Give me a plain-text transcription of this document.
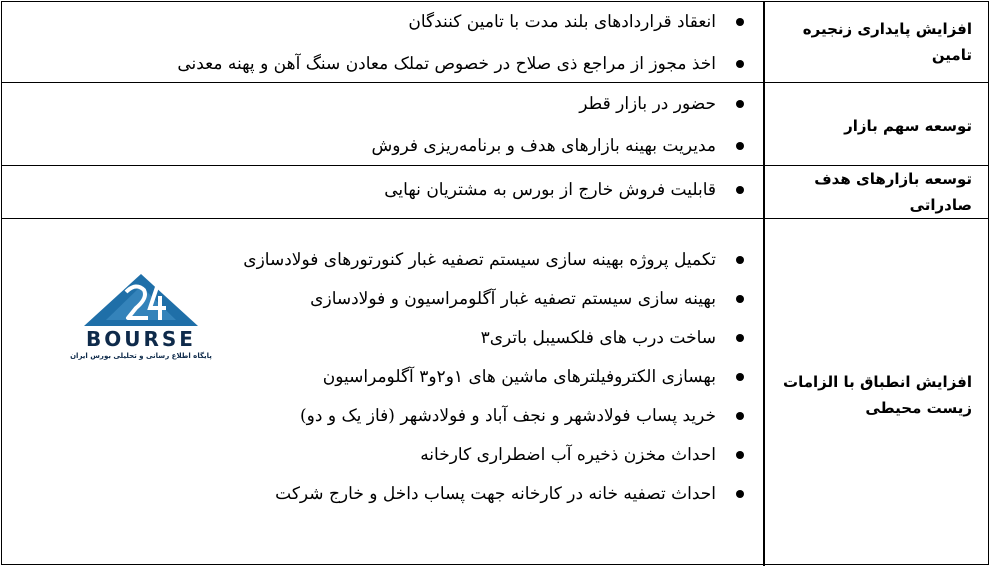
افزایش پایداری زنجیره تامین
انعقاد قراردادهای بلند مدت با تامین کنندگان
اخذ مجوز از مراجع ذی صلاح در خصوص تملک معادن سنگ آهن و پهنه معدنی
توسعه سهم بازار
حضور در بازار قطر
مدیریت بهینه بازارهای هدف و برنامه‌ریزی فروش
توسعه بازارهای هدف صادراتی
قابلیت فروش خارج از بورس به مشتریان نهایی
افزایش انطباق با الزامات زیست محیطی
تکمیل پروژه بهینه سازی سیستم تصفیه غبار کنورتورهای فولادسازی
بهینه سازی سیستم تصفیه غبار آگلومراسیون و فولادسازی
ساخت درب های فلکسیبل باتری۳
بهسازی الکتروفیلترهای ماشین های ۱و۲و۳ آگلومراسیون
خرید پساب فولادشهر و نجف آباد و فولادشهر (فاز یک و دو)
احداث مخزن ذخیره آب اضطراری کارخانه
احداث تصفیه خانه در کارخانه جهت پساب داخل و خارج شرکت
BOURSE
پایگاه اطلاع رسانی و تحلیلی بورس ایران
